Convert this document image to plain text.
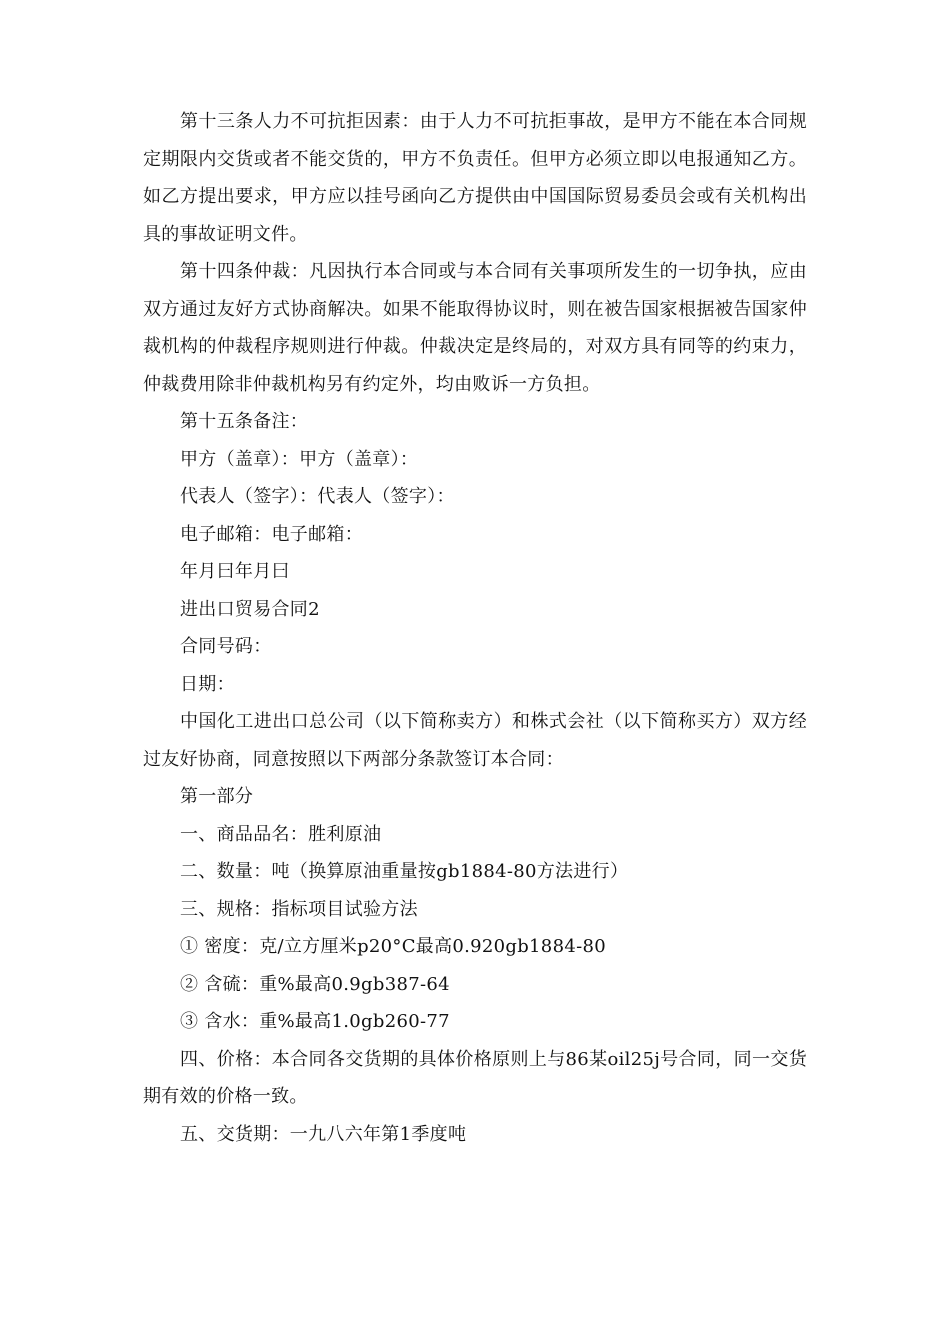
第十三条人力不可抗拒因素：由于人力不可抗拒事故，是甲方不能在本合同规定期限内交货或者不能交货的，甲方不负责任。但甲方必须立即以电报通知乙方。如乙方提出要求，甲方应以挂号函向乙方提供由中国国际贸易委员会或有关机构出具的事故证明文件。

第十四条仲裁：凡因执行本合同或与本合同有关事项所发生的一切争执，应由双方通过友好方式协商解决。如果不能取得协议时，则在被告国家根据被告国家仲裁机构的仲裁程序规则进行仲裁。仲裁决定是终局的，对双方具有同等的约束力，仲裁费用除非仲裁机构另有约定外，均由败诉一方负担。

第十五条备注：

甲方（盖章）：甲方（盖章）：

代表人（签字）：代表人（签字）：

电子邮箱：电子邮箱：

年月曰年月曰

进出口贸易合同2

合同号码：

日期：

中国化工进出口总公司（以下简称卖方）和株式会社（以下简称买方）双方经过友好协商，同意按照以下两部分条款签订本合同：

第一部分

一、商品品名：胜利原油

二、数量：吨（换算原油重量按gb1884-80方法进行）

三、规格：指标项目试验方法

① 密度：克/立方厘米p20°C最高0.920gb1884-80

② 含硫：重%最高0.9gb387-64

③ 含水：重%最高1.0gb260-77

四、价格：本合同各交货期的具体价格原则上与86某oil25j号合同，同一交货期有效的价格一致。

五、交货期：一九八六年第1季度吨
